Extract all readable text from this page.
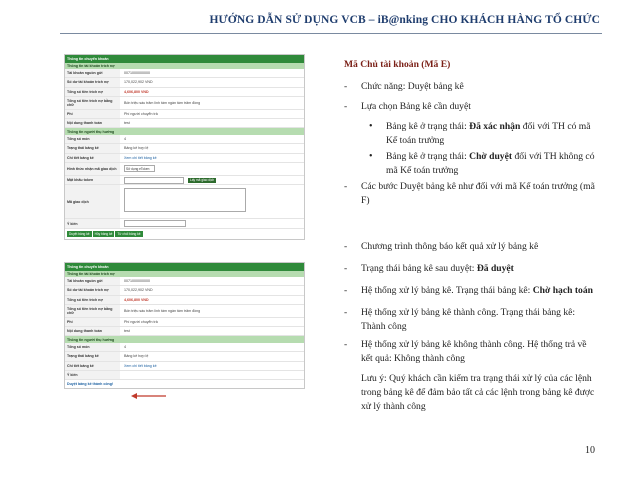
HƯỚNG DẪN SỬ DỤNG VCB – iB@nking CHO KHÁCH HÀNG TỔ CHỨC
Thông tin chuyển khoản
Thông tin tài khoản trích nợ
Tài khoản nguồn gửi	0071000000000
Số dư tài khoản trích nợ	170,022,902 VND
Tổng số tiền trích nợ	4,606,800 VND
Tổng số tiền trích nợ bằng chữ	Bốn triệu sáu trăm linh tám ngàn tám trăm đồng
Phí	Phí người chuyển trả
Nội dung thanh toán	test
Thông tin người thụ hưởng
Tổng số món	4
Trạng thái bảng kê	Bảng kê hợp lệ
Chi tiết bảng kê	Xem chi tiết bảng kê
Hình thức nhận mã giao dịch	Sử dụng eToken
Mật khẩu token	Lấy mã giao dịch
Mã giao dịch
Ý kiến
Duyệt bảng kê	Hủy bảng kê	Từ chối bảng kê
Thông tin chuyển khoản
Thông tin tài khoản trích nợ
Tài khoản nguồn gửi	0071000000000
Số dư tài khoản trích nợ	170,022,902 VND
Tổng số tiền trích nợ	4,606,800 VND
Tổng số tiền trích nợ bằng chữ	Bốn triệu sáu trăm linh tám ngàn tám trăm đồng
Phí	Phí người chuyển trả
Nội dung thanh toán	test
Thông tin người thụ hưởng
Tổng số món	4
Trạng thái bảng kê	Bảng kê hợp lệ
Chi tiết bảng kê	Xem chi tiết bảng kê
Ý kiến
Duyệt bảng kê thành công!
Mã Chủ tài khoản (Mã E)
- Chức năng: Duyệt bảng kê
- Lựa chọn Bảng kê cần duyệt
• Bảng kê ở trạng thái: Đã xác nhận đối với TH có mã Kế toán trưởng
• Bảng kê ở trạng thái: Chờ duyệt đối với TH không có mã Kế toán trưởng
- Các bước Duyệt bảng kê như đối với mã Kế toán trưởng (mã F)
- Chương trình thông báo kết quả xử lý bảng kê
- Trạng thái bảng kê sau duyệt: Đã duyệt
- Hệ thống xử lý bảng kê. Trạng thái bảng kê: Chờ hạch toán
- Hệ thống xử lý bảng kê thành công. Trạng thái bảng kê: Thành công
- Hệ thống xử lý bảng kê không thành công. Hệ thống trả về kết quả: Không thành công
Lưu ý: Quý khách cần kiểm tra trạng thái xử lý của các lệnh trong bảng kê để đảm bảo tất cả các lệnh trong bảng kê được xử lý thành công
10
